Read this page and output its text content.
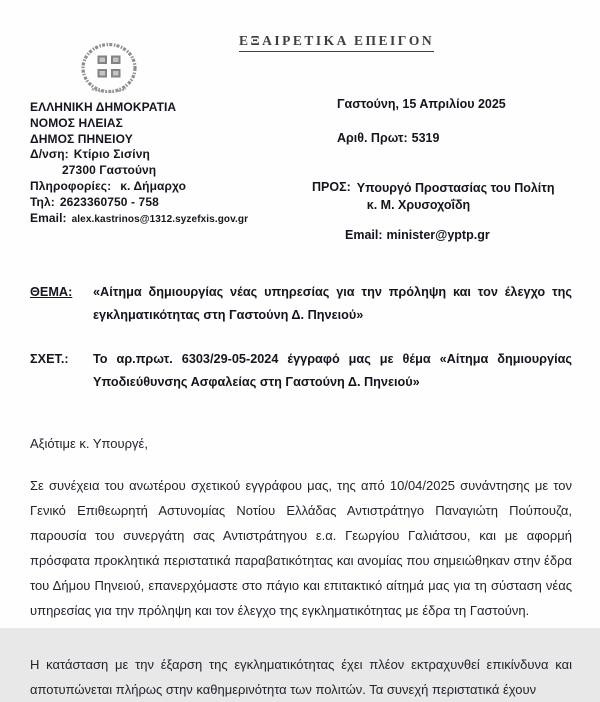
ΕΞΑΙΡΕΤΙΚΑ ΕΠΕΙΓΟΝ
ΕΛΛΗΝΙΚΗ ΔΗΜΟΚΡΑΤΙΑ
ΝΟΜΟΣ ΗΛΕΙΑΣ
ΔΗΜΟΣ ΠΗΝΕΙΟΥ
Δ/νση: Κτίριο Σισίνη
27300 Γαστούνη
Πληροφορίες: κ. Δήμαρχο
Τηλ: 2623360750 - 758
Email: alex.kastrinos@1312.syzefxis.gov.gr
Γαστούνη, 15 Απριλίου 2025
Αριθ. Πρωτ: 5319
ΠΡΟΣ: Υπουργό Προστασίας του Πολίτη
κ. Μ. Χρυσοχοΐδη
Email: minister@yptp.gr
ΘΕΜΑ:	«Αίτημα δημιουργίας νέας υπηρεσίας για την πρόληψη και τον έλεγχο της εγκληματικότητας στη Γαστούνη Δ. Πηνειού»
ΣΧΕΤ.:	Το αρ.πρωτ. 6303/29-05-2024 έγγραφό μας με θέμα «Αίτημα δημιουργίας Υποδιεύθυνσης Ασφαλείας στη Γαστούνη Δ. Πηνειού»

Αξιότιμε κ. Υπουργέ,

Σε συνέχεια του ανωτέρου σχετικού εγγράφου μας, της από 10/04/2025 συνάντησης με τον Γενικό Επιθεωρητή Αστυνομίας Νοτίου Ελλάδας Αντιστράτηγο Παναγιώτη Πούπουζα, παρουσία του συνεργάτη σας Αντιστράτηγου ε.α. Γεωργίου Γαλιάτσου, και με αφορμή πρόσφατα προκλητικά περιστατικά παραβατικότητας και ανομίας που σημειώθηκαν στην έδρα του Δήμου Πηνειού, επανερχόμαστε στο πάγιο και επιτακτικό αίτημά μας για τη σύσταση νέας υπηρεσίας για την πρόληψη και τον έλεγχο της εγκληματικότητας με έδρα τη Γαστούνη.

Η κατάσταση με την έξαρση της εγκληματικότητας έχει πλέον εκτραχυνθεί επικίνδυνα και αποτυπώνεται πλήρως στην καθημερινότητα των πολιτών. Τα συνεχή περιστατικά έχουν
